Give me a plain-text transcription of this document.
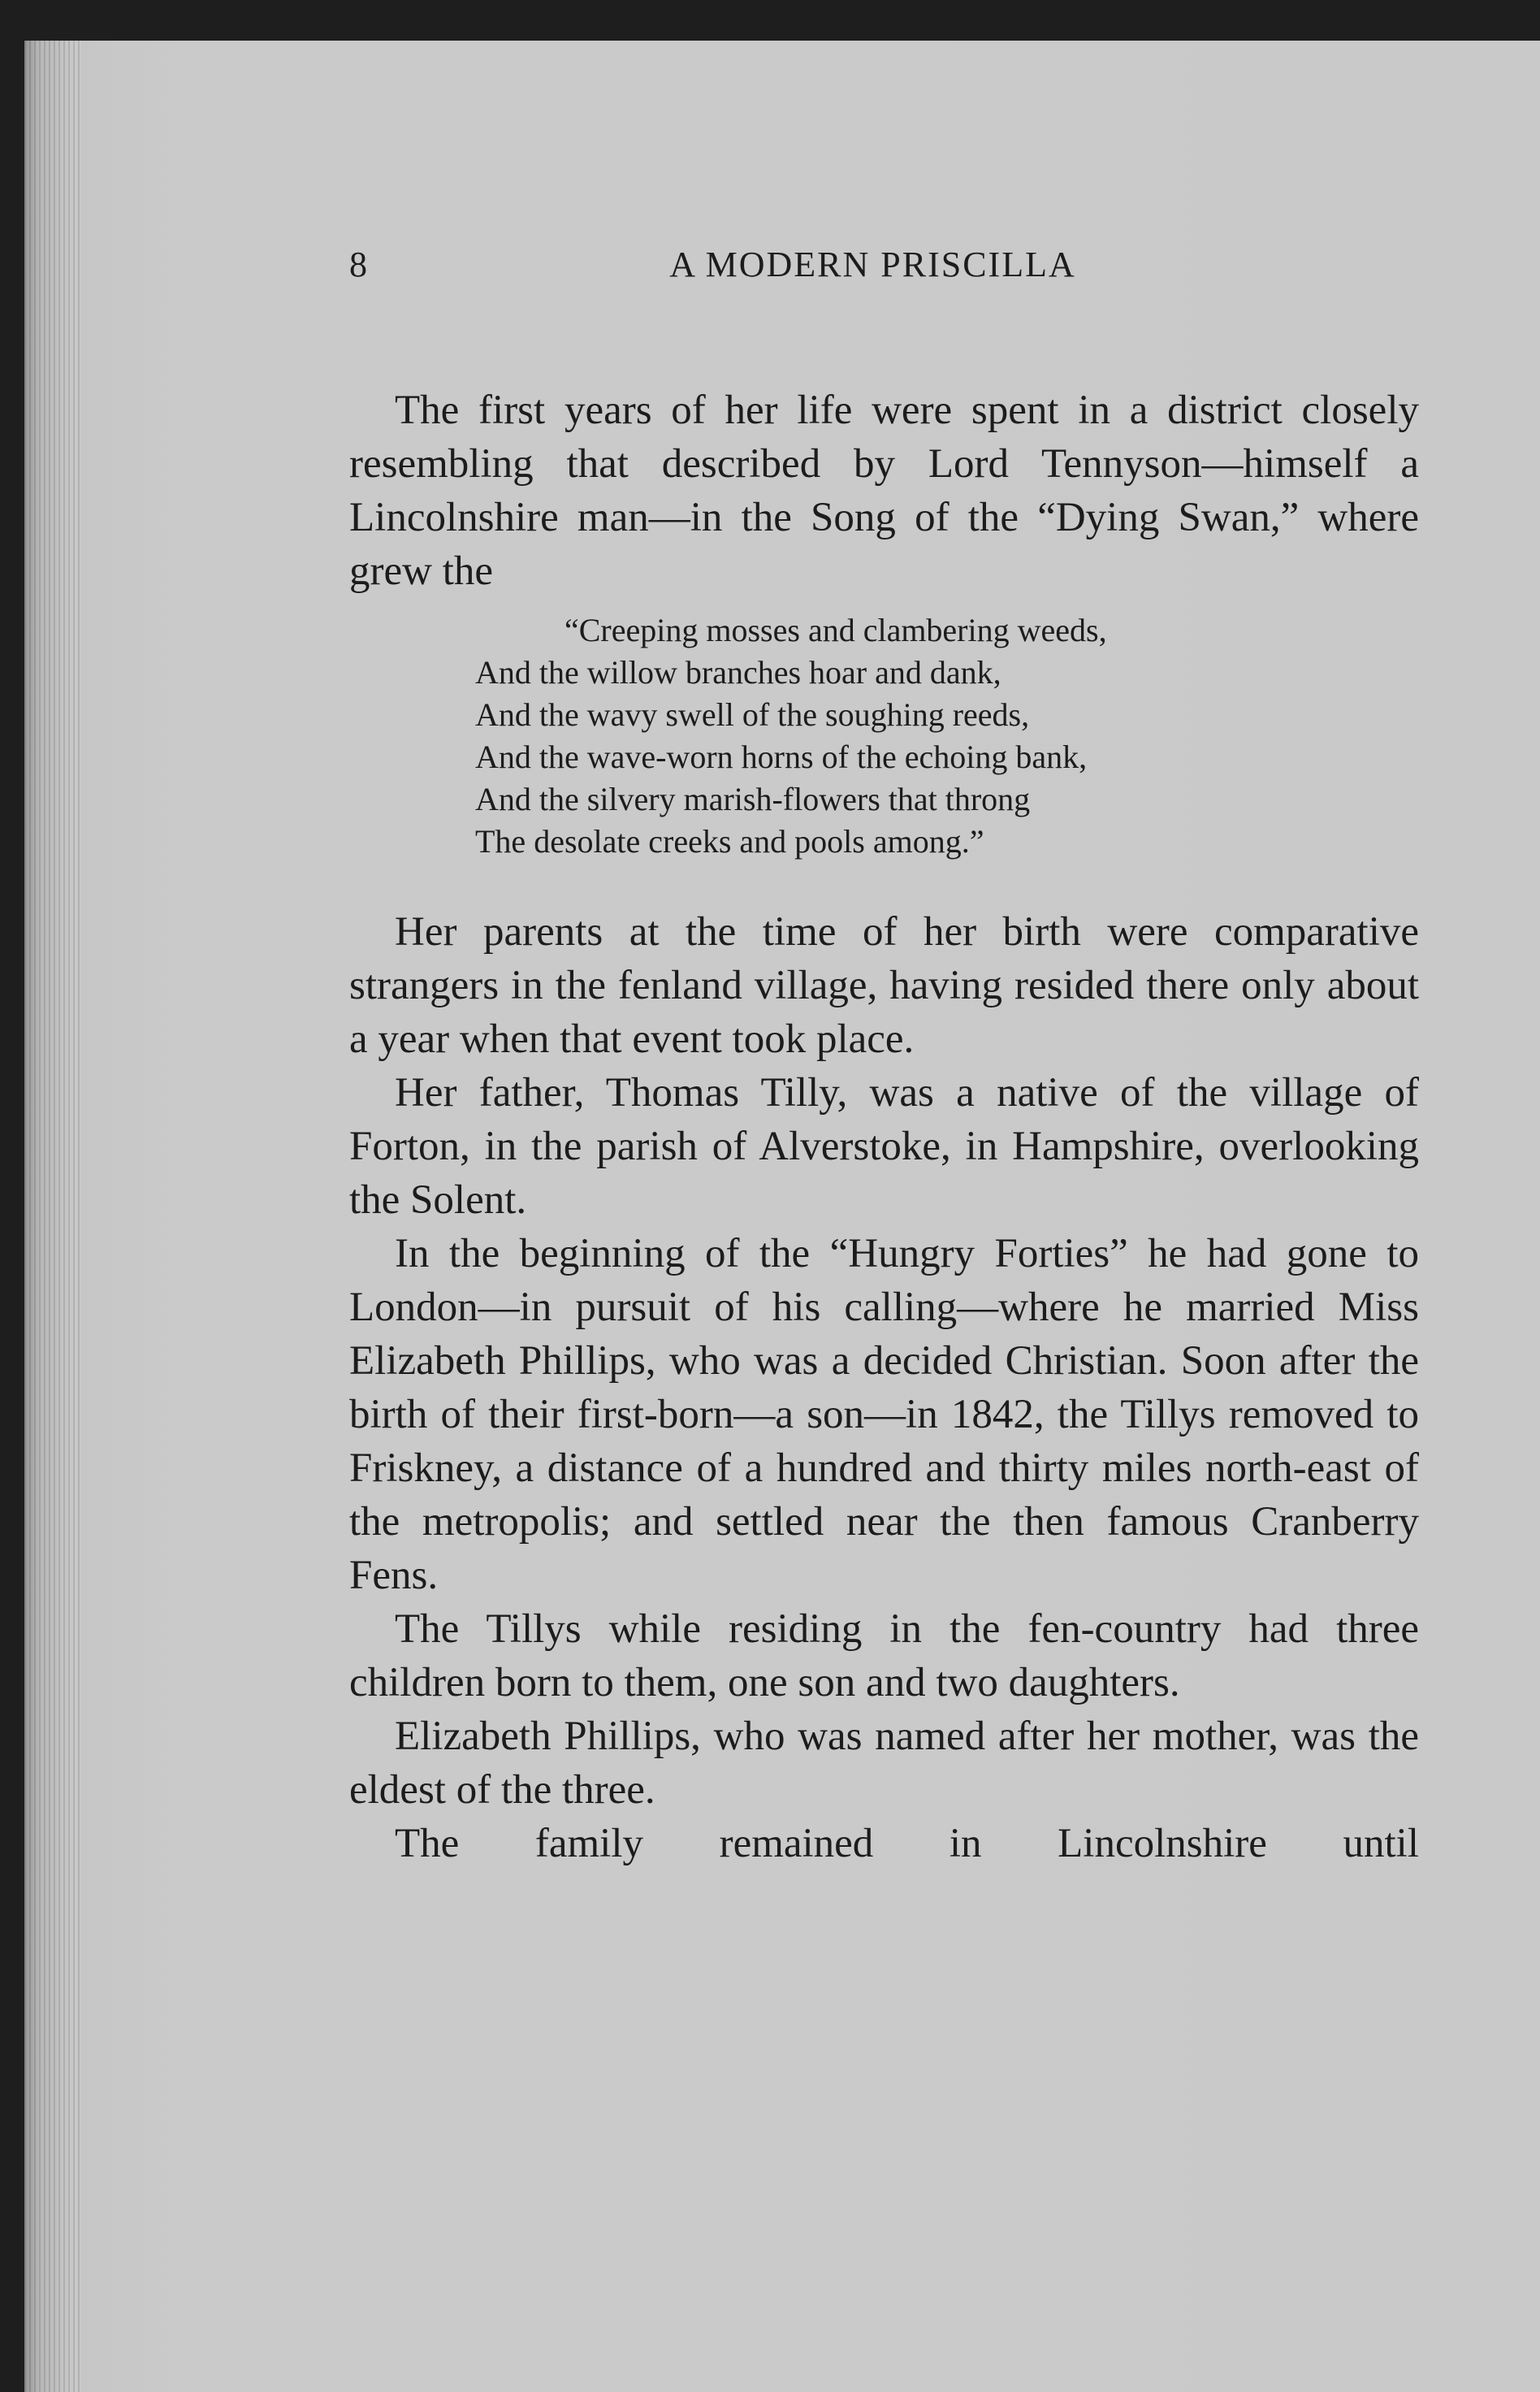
8	A MODERN PRISCILLA

The first years of her life were spent in a district closely resembling that described by Lord Tennyson—himself a Lincolnshire man—in the Song of the “Dying Swan,” where grew the

“Creeping mosses and clambering weeds,
And the willow branches hoar and dank,
And the wavy swell of the soughing reeds,
And the wave-worn horns of the echoing bank,
And the silvery marish-flowers that throng
The desolate creeks and pools among.”

Her parents at the time of her birth were comparative strangers in the fenland village, having resided there only about a year when that event took place.

Her father, Thomas Tilly, was a native of the village of Forton, in the parish of Alverstoke, in Hampshire, overlooking the Solent.

In the beginning of the “Hungry Forties” he had gone to London—in pursuit of his calling—where he married Miss Elizabeth Phillips, who was a decided Christian. Soon after the birth of their first-born—a son—in 1842, the Tillys removed to Friskney, a distance of a hundred and thirty miles north-east of the metropolis; and settled near the then famous Cranberry Fens.

The Tillys while residing in the fen-country had three children born to them, one son and two daughters.

Elizabeth Phillips, who was named after her mother, was the eldest of the three.

The family remained in Lincolnshire until
